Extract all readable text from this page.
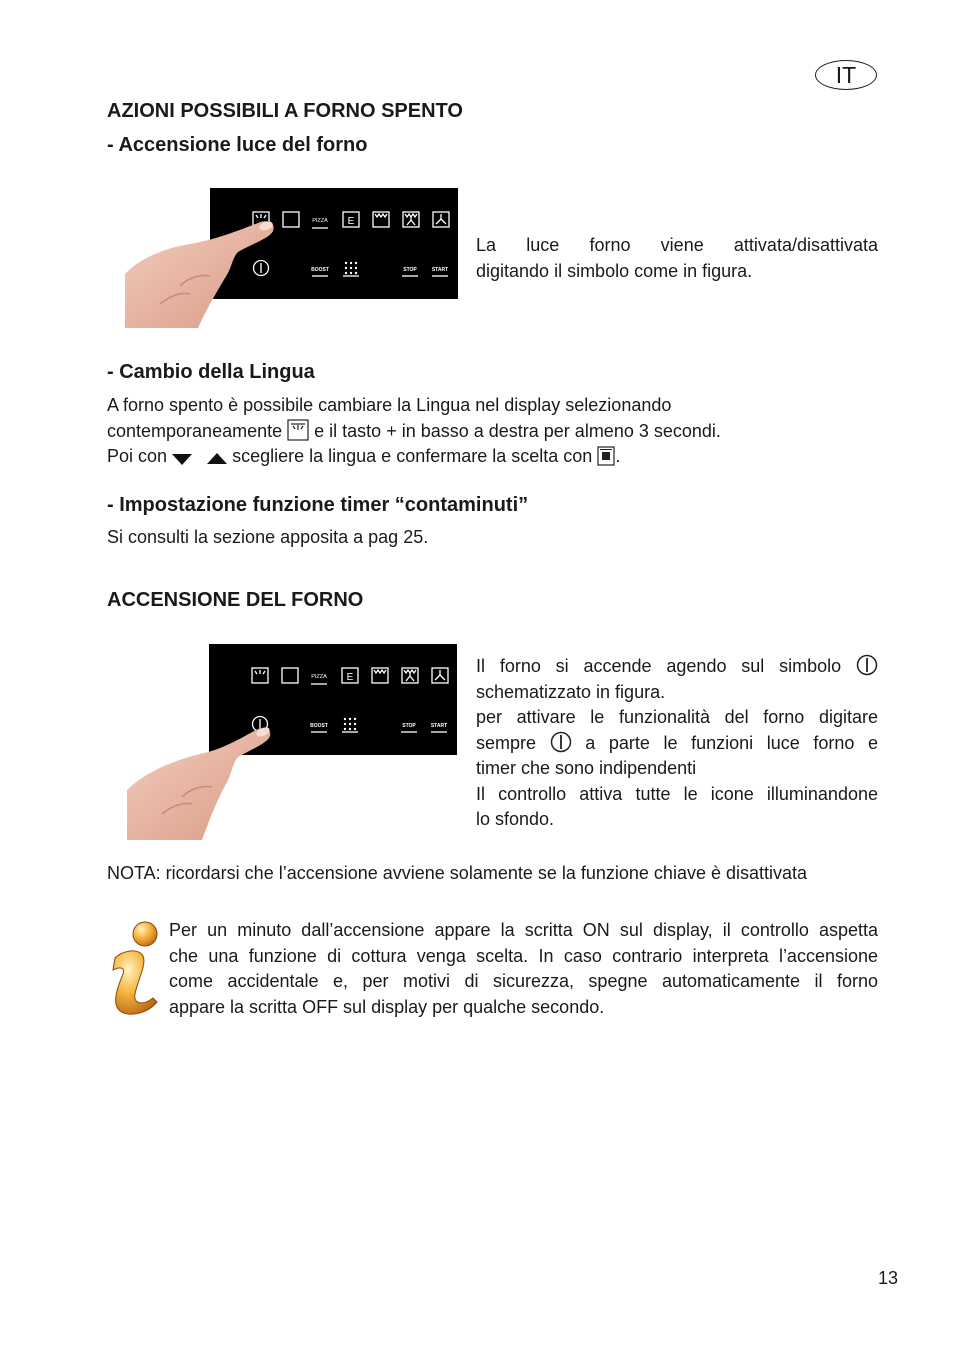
IT
AZIONI POSSIBILI A FORNO SPENTO
- Accensione luce del forno
PIZZA E
BOOST	STOP	START

La luce forno viene attivata/disattivata

digitando il simbolo come in figura.

- Cambio della Lingua

A forno spento è possibile cambiare la Lingua nel display selezionando

contemporaneamente e il tasto + in basso a destra per almeno 3 secondi.

Poi con	scegliere la lingua e confermare la scelta con .

- Impostazione funzione timer “contaminuti”

Si consulti la sezione apposita a pag 25.

ACCENSIONE DEL FORNO
PIZZA E
BOOST	STOP	START

Il forno si accende agendo sul simbolo

schematizzato in figura.

per attivare le funzionalità del forno digitare

sempre	a parte le funzioni luce forno e

timer che sono indipendenti

Il controllo attiva tutte le icone illuminandone

lo sfondo.

NOTA: ricordarsi che l’accensione avviene solamente se la funzione chiave è disattivata

Per un minuto dall’accensione appare la scritta ON sul display, il controllo aspetta

che una funzione di cottura venga scelta. In caso contrario interpreta l’accensione

come accidentale e, per motivi di sicurezza, spegne automaticamente il forno

appare la scritta OFF sul display per qualche secondo.

13
